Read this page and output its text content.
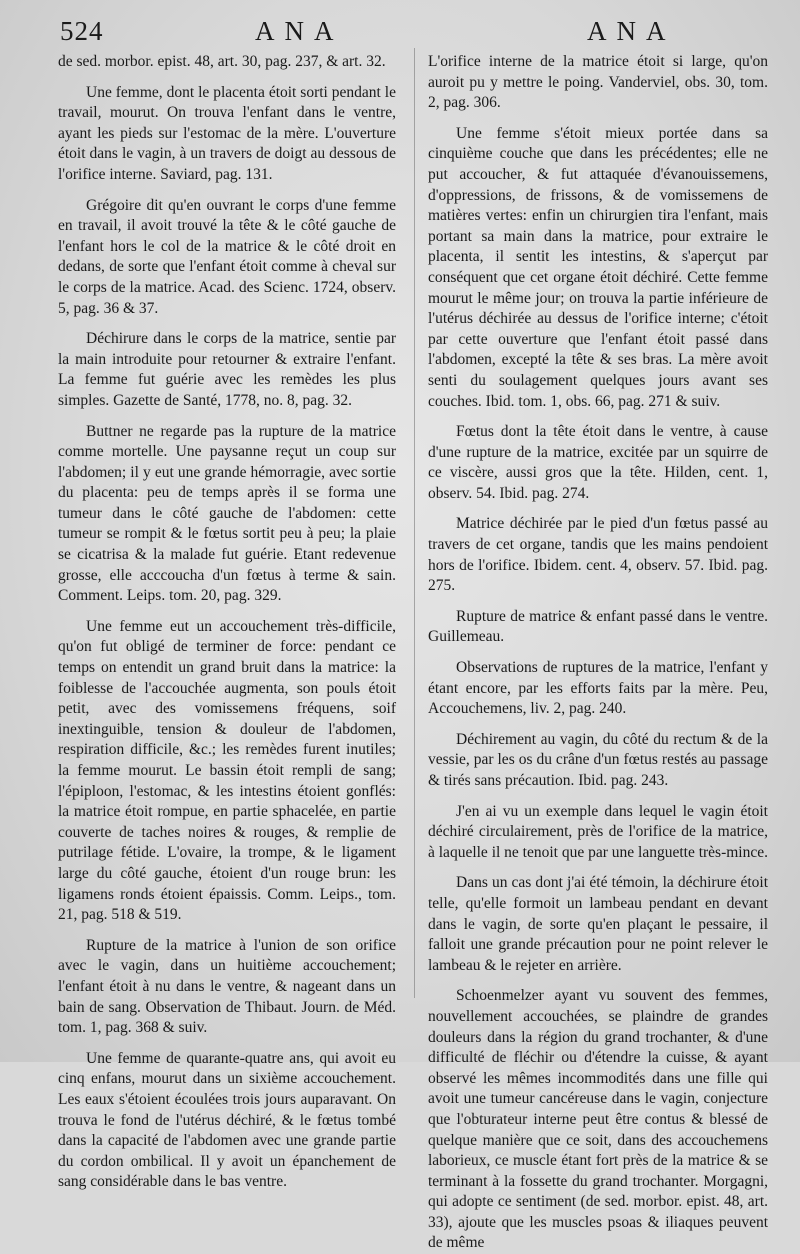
524	ANA	ANA

de sed. morbor. epist. 48, art. 30, pag. 237, & art. 32.

Une femme, dont le placenta étoit sorti pendant le travail, mourut. On trouva l'enfant dans le ventre, ayant les pieds sur l'estomac de la mère. L'ouverture étoit dans le vagin, à un travers de doigt au dessous de l'orifice interne. Saviard, pag. 131.

Grégoire dit qu'en ouvrant le corps d'une femme en travail, il avoit trouvé la tête & le côté gauche de l'enfant hors le col de la matrice & le côté droit en dedans, de sorte que l'enfant étoit comme à cheval sur le corps de la matrice. Acad. des Scienc. 1724, observ. 5, pag. 36 & 37.

Déchirure dans le corps de la matrice, sentie par la main introduite pour retourner & extraire l'enfant. La femme fut guérie avec les remèdes les plus simples. Gazette de Santé, 1778, no. 8, pag. 32.

Buttner ne regarde pas la rupture de la matrice comme mortelle. Une paysanne reçut un coup sur l'abdomen; il y eut une grande hémorragie, avec sortie du placenta: peu de temps après il se forma une tumeur dans le côté gauche de l'abdomen: cette tumeur se rompit & le fœtus sortit peu à peu; la plaie se cicatrisa & la malade fut guérie. Etant redevenue grosse, elle acccoucha d'un fœtus à terme & sain. Comment. Leips. tom. 20, pag. 329.

Une femme eut un accouchement très-difficile, qu'on fut obligé de terminer de force: pendant ce temps on entendit un grand bruit dans la matrice: la foiblesse de l'accouchée augmenta, son pouls étoit petit, avec des vomissemens fréquens, soif inextinguible, tension & douleur de l'abdomen, respiration difficile, &c.; les remèdes furent inutiles; la femme mourut. Le bassin étoit rempli de sang; l'épiploon, l'estomac, & les intestins étoient gonflés: la matrice étoit rompue, en partie sphacelée, en partie couverte de taches noires & rouges, & remplie de putrilage fétide. L'ovaire, la trompe, & le ligament large du côté gauche, étoient d'un rouge brun: les ligamens ronds étoient épaissis. Comm. Leips., tom. 21, pag. 518 & 519.

Rupture de la matrice à l'union de son orifice avec le vagin, dans un huitième accouchement; l'enfant étoit à nu dans le ventre, & nageant dans un bain de sang. Observation de Thibaut. Journ. de Méd. tom. 1, pag. 368 & suiv.

Une femme de quarante-quatre ans, qui avoit eu cinq enfans, mourut dans un sixième accouchement. Les eaux s'étoient écoulées trois jours auparavant. On trouva le fond de l'utérus déchiré, & le fœtus tombé dans la capacité de l'abdomen avec une grande partie du cordon ombilical. Il y avoit un épanchement de sang considérable dans le bas ventre.

L'orifice interne de la matrice étoit si large, qu'on auroit pu y mettre le poing. Vanderviel, obs. 30, tom. 2, pag. 306.

Une femme s'étoit mieux portée dans sa cinquième couche que dans les précédentes; elle ne put accoucher, & fut attaquée d'évanouissemens, d'oppressions, de frissons, & de vomissemens de matières vertes: enfin un chirurgien tira l'enfant, mais portant sa main dans la matrice, pour extraire le placenta, il sentit les intestins, & s'aperçut par conséquent que cet organe étoit déchiré. Cette femme mourut le même jour; on trouva la partie inférieure de l'utérus déchirée au dessus de l'orifice interne; c'étoit par cette ouverture que l'enfant étoit passé dans l'abdomen, excepté la tête & ses bras. La mère avoit senti du soulagement quelques jours avant ses couches. Ibid. tom. 1, obs. 66, pag. 271 & suiv.

Fœtus dont la tête étoit dans le ventre, à cause d'une rupture de la matrice, excitée par un squirre de ce viscère, aussi gros que la tête. Hilden, cent. 1, observ. 54. Ibid. pag. 274.

Matrice déchirée par le pied d'un fœtus passé au travers de cet organe, tandis que les mains pendoient hors de l'orifice. Ibidem. cent. 4, observ. 57. Ibid. pag. 275.

Rupture de matrice & enfant passé dans le ventre. Guillemeau.

Observations de ruptures de la matrice, l'enfant y étant encore, par les efforts faits par la mère. Peu, Accouchemens, liv. 2, pag. 240.

Déchirement au vagin, du côté du rectum & de la vessie, par les os du crâne d'un fœtus restés au passage & tirés sans précaution. Ibid. pag. 243.

J'en ai vu un exemple dans lequel le vagin étoit déchiré circulairement, près de l'orifice de la matrice, à laquelle il ne tenoit que par une languette très-mince.

Dans un cas dont j'ai été témoin, la déchirure étoit telle, qu'elle formoit un lambeau pendant en devant dans le vagin, de sorte qu'en plaçant le pessaire, il falloit une grande précaution pour ne point relever le lambeau & le rejeter en arrière.

Schoenmelzer ayant vu souvent des femmes, nouvellement accouchées, se plaindre de grandes douleurs dans la région du grand trochanter, & d'une difficulté de fléchir ou d'étendre la cuisse, & ayant observé les mêmes incommodités dans une fille qui avoit une tumeur cancéreuse dans le vagin, conjecture que l'obturateur interne peut être contus & blessé de quelque manière que ce soit, dans des accouchemens laborieux, ce muscle étant fort près de la matrice & se terminant à la fossette du grand trochanter. Morgagni, qui adopte ce sentiment (de sed. morbor. epist. 48, art. 33), ajoute que les muscles psoas & iliaques peuvent de même
